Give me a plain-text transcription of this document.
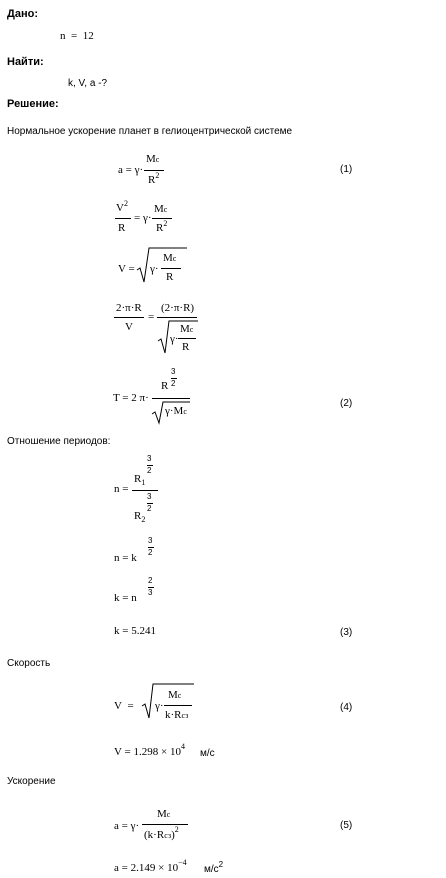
Дано:
n = 12
Найти:
k, V, a -?
Решение:
Нормальное ускорение планет в гелиоцентрической системе
a = γ·
Mс
$R^2$
(1)
$V^2$
R
= γ·
Mс
$R^2$
V = γ·
Mс
R
2·π·R
V
=
(2·π·R)
γ·
Mс
R
T = 2 π·
R
3
2
γ·Mс
(2)
Отношение периодов:
n =
$R_1$
3
2
$R_2$
3
2
n = k
3
2
k = n
2
3
k = 5.241	(3)
Скорость
V = γ·
Mс
k·Rсз
(4)
$V = 1.298 \times 10^4$
м/с
Ускорение
a = γ·
Mс
$(k\cdot Rсз)^2$	(5)
$a = 2.149 \times 10^{-4}$
$м/с^2$
